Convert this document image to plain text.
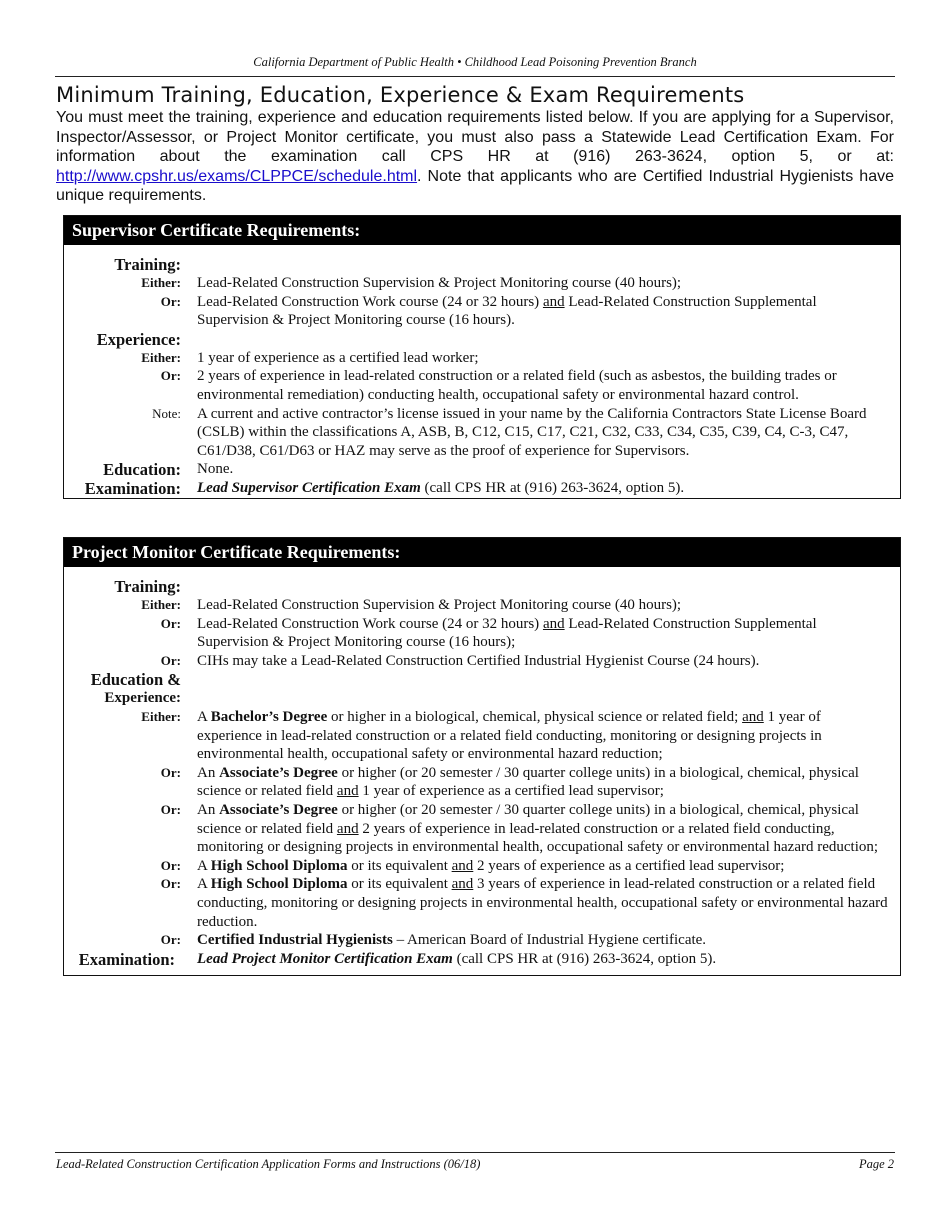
California Department of Public Health • Childhood Lead Poisoning Prevention Branch
Minimum Training, Education, Experience & Exam Requirements
You must meet the training, experience and education requirements listed below. If you are applying for a Supervisor, Inspector/Assessor, or Project Monitor certificate, you must also pass a Statewide Lead Certification Exam. For information about the examination call CPS HR at (916) 263-3624, option 5, or at: http://www.cpshr.us/exams/CLPPCE/schedule.html. Note that applicants who are Certified Industrial Hygienists have unique requirements.
Supervisor Certificate Requirements:
Training:
Either:	Lead-Related Construction Supervision & Project Monitoring course (40 hours);
Or:	Lead-Related Construction Work course (24 or 32 hours) and Lead-Related Construction Supplemental Supervision & Project Monitoring course (16 hours).
Experience:
Either:	1 year of experience as a certified lead worker;
Or:	2 years of experience in lead-related construction or a related field (such as asbestos, the building trades or environmental remediation) conducting health, occupational safety or environmental hazard control.
Note:	A current and active contractor’s license issued in your name by the California Contractors State License Board (CSLB) within the classifications A, ASB, B, C12, C15, C17, C21, C32, C33, C34, C35, C39, C4, C-3, C47, C61/D38, C61/D63 or HAZ may serve as the proof of experience for Supervisors.
Education:	None.
Examination:	Lead Supervisor Certification Exam (call CPS HR at (916) 263-3624, option 5).
Project Monitor Certificate Requirements:
Training:
Either:	Lead-Related Construction Supervision & Project Monitoring course (40 hours);
Or:	Lead-Related Construction Work course (24 or 32 hours) and Lead-Related Construction Supplemental Supervision & Project Monitoring course (16 hours);
Or:	CIHs may take a Lead-Related Construction Certified Industrial Hygienist Course (24 hours).
Education &
Experience:
Either:	A Bachelor’s Degree or higher in a biological, chemical, physical science or related field; and 1 year of experience in lead-related construction or a related field conducting, monitoring or designing projects in environmental health, occupational safety or environmental hazard reduction;
Or:	An Associate’s Degree or higher (or 20 semester / 30 quarter college units) in a biological, chemical, physical science or related field and 1 year of experience as a certified lead supervisor;
Or:	An Associate’s Degree or higher (or 20 semester / 30 quarter college units) in a biological, chemical, physical science or related field and 2 years of experience in lead-related construction or a related field conducting, monitoring or designing projects in environmental health, occupational safety or environmental hazard reduction;
Or:	A High School Diploma or its equivalent and 2 years of experience as a certified lead supervisor;
Or:	A High School Diploma or its equivalent and 3 years of experience in lead-related construction or a related field conducting, monitoring or designing projects in environmental health, occupational safety or environmental hazard reduction.
Or:	Certified Industrial Hygienists – American Board of Industrial Hygiene certificate.
Examination:	Lead Project Monitor Certification Exam (call CPS HR at (916) 263-3624, option 5).
Lead-Related Construction Certification Application Forms and Instructions (06/18)	Page 2
